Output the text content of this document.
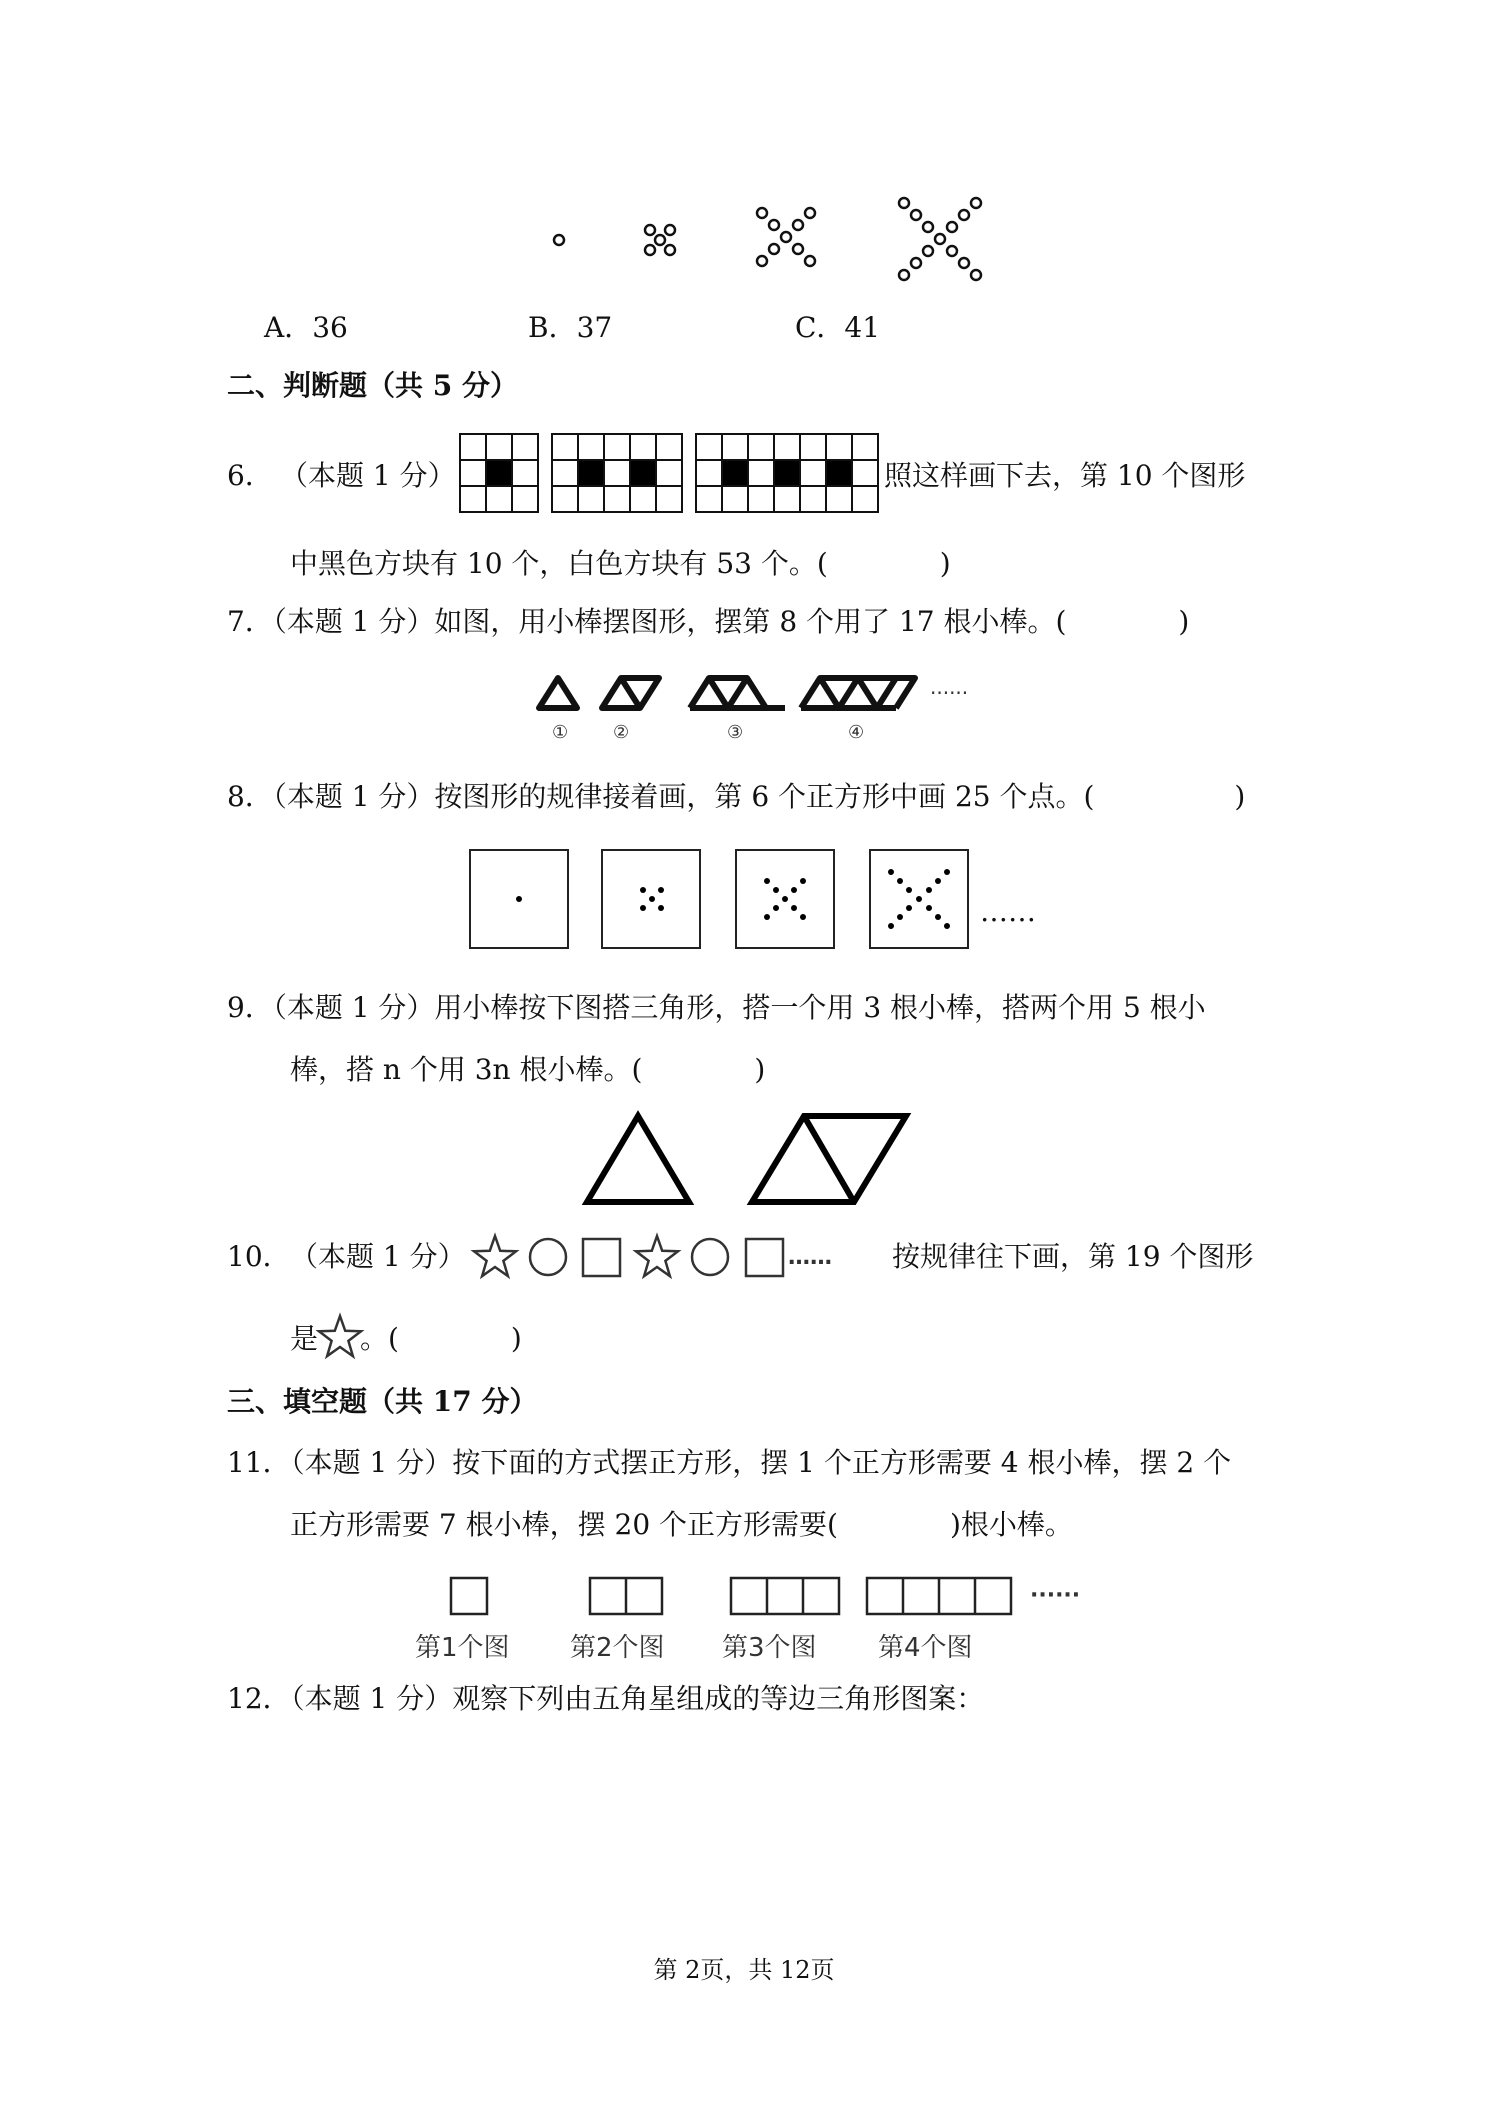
A．36	B．37	C．41
二、判断题（共 5 分）
6． （本题 1 分）	照这样画下去，第 10 个图形
中黑色方块有 10 个，白色方块有 53 个。(　　　　)
7．（本题 1 分）如图，用小棒摆图形，摆第 8 个用了 17 根小棒。(　　　　)
① ②	③	④
······
8．（本题 1 分）按图形的规律接着画，第 6 个正方形中画 25 个点。(　　　　　)
……
9．（本题 1 分）用小棒按下图搭三角形，搭一个用 3 根小棒，搭两个用 5 根小
棒，搭 n 个用 3n 根小棒。(　　　　)
10． （本题 1 分）	…… 按规律往下画，第 19 个图形
是 。(　　　　)
三、填空题（共 17 分）
11．（本题 1 分）按下面的方式摆正方形，摆 1 个正方形需要 4 根小棒，摆 2 个
正方形需要 7 根小棒，摆 20 个正方形需要(　　　　)根小棒。
第1个图 第2个图 第3个图 第4个图
······
12．（本题 1 分）观察下列由五角星组成的等边三角形图案：
第 2页，共 12页
